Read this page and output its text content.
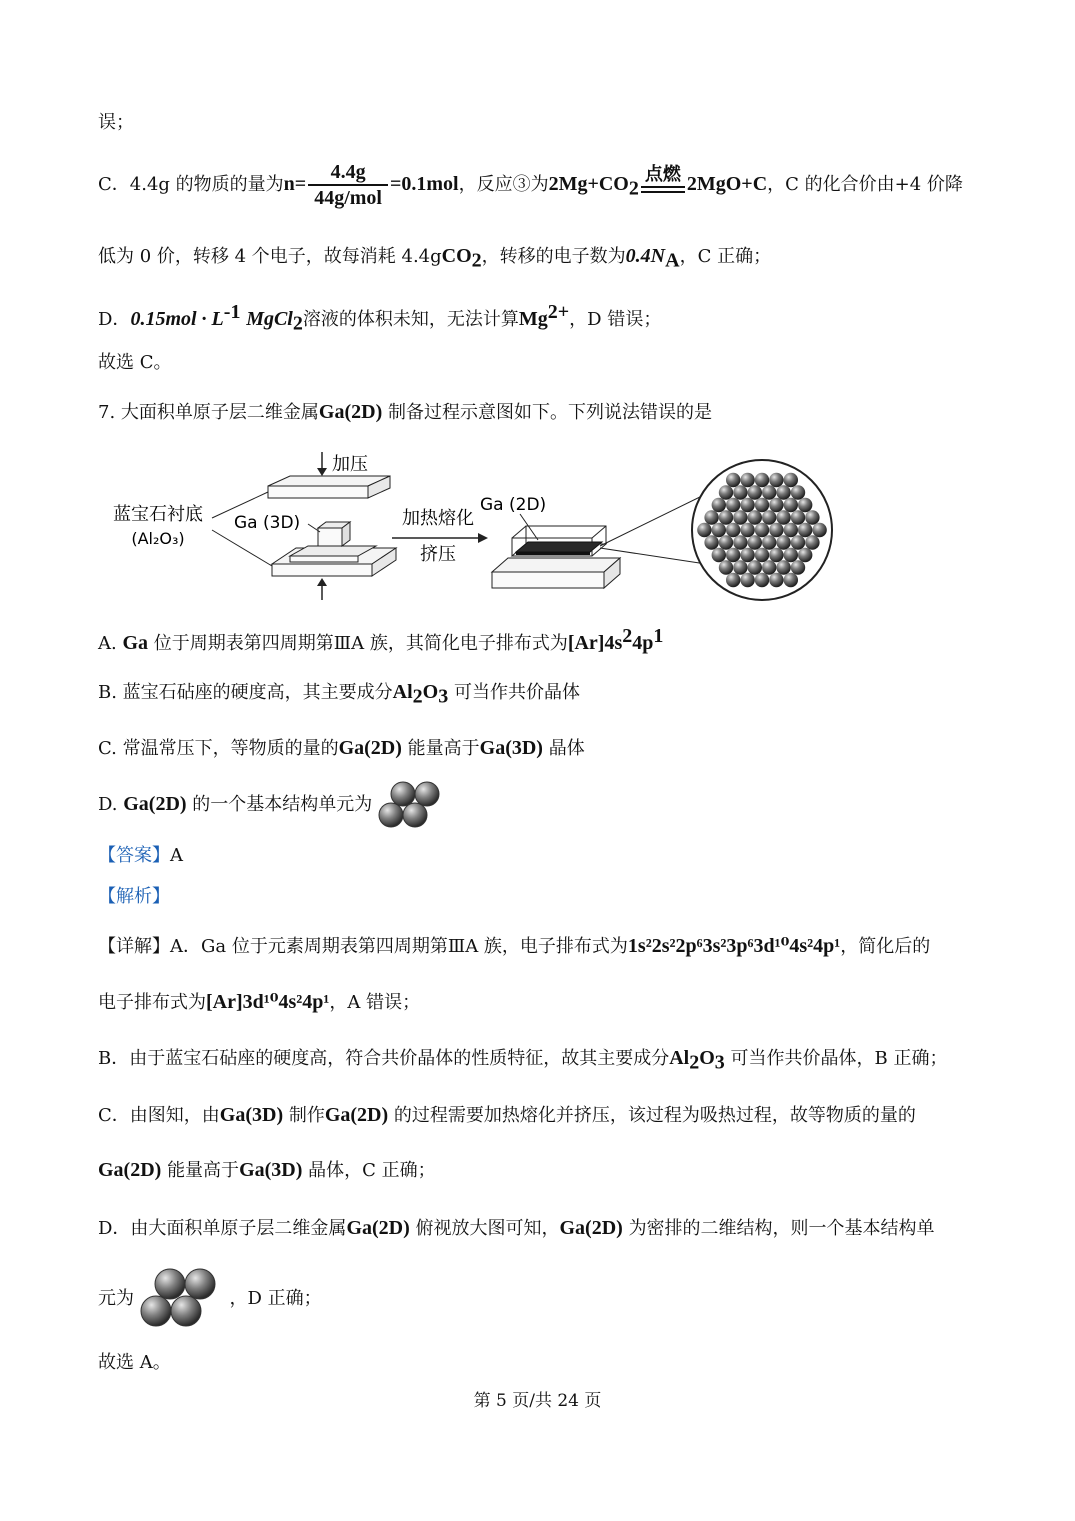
误；
C．4.4g 的物质的量为$n= \frac{4.4g}{\text{44g/mol}} =0.1mol$，反应③为$2Mg+CO_2$
点燃 2MgO+C，C 的化合价由+4 价降
低为 0 价，转移 4 个电子，故每消耗 4.4gCO$_2$，转移的电子数为$0.4N_A$，C 正确；
D．$0.15mol \cdot L^{-1}$ MgCl$_2$溶液的体积未知，无法计算$Mg^{2+}$，D 错误；
故选 C。
7. 大面积单原子层二维金属Ga(2D) 制备过程示意图如下。下列说法错误的是
蓝宝石衬底
(Al₂O₃)
加压
Ga (3D)	加热熔化
挤压
Ga (2D)
A. Ga 位于周期表第四周期第ⅢA 族，其简化电子排布式为$[Ar]4s^24p^1$
B. 蓝宝石砧座的硬度高，其主要成分$Al_2O_3$ 可当作共价晶体
C. 常温常压下，等物质的量的Ga(2D) 能量高于Ga(3D) 晶体
D. Ga(2D) 的一个基本结构单元为
【答案】A
【解析】
【详解】A．Ga 位于元素周期表第四周期第ⅢA 族，电子排布式为1s²2s²2p⁶3s²3p⁶3d¹⁰4s²4p¹，简化后的
电子排布式为[Ar]3d¹⁰4s²4p¹，A 错误；
B．由于蓝宝石砧座的硬度高，符合共价晶体的性质特征，故其主要成分$Al_2O_3$ 可当作共价晶体，B 正确；
C．由图知，由Ga(3D) 制作Ga(2D) 的过程需要加热熔化并挤压，该过程为吸热过程，故等物质的量的
Ga(2D) 能量高于Ga(3D) 晶体，C 正确；
D．由大面积单原子层二维金属Ga(2D) 俯视放大图可知，Ga(2D) 为密排的二维结构，则一个基本结构单
元为	，D 正确；
故选 A。
第 5 页/共 24 页
